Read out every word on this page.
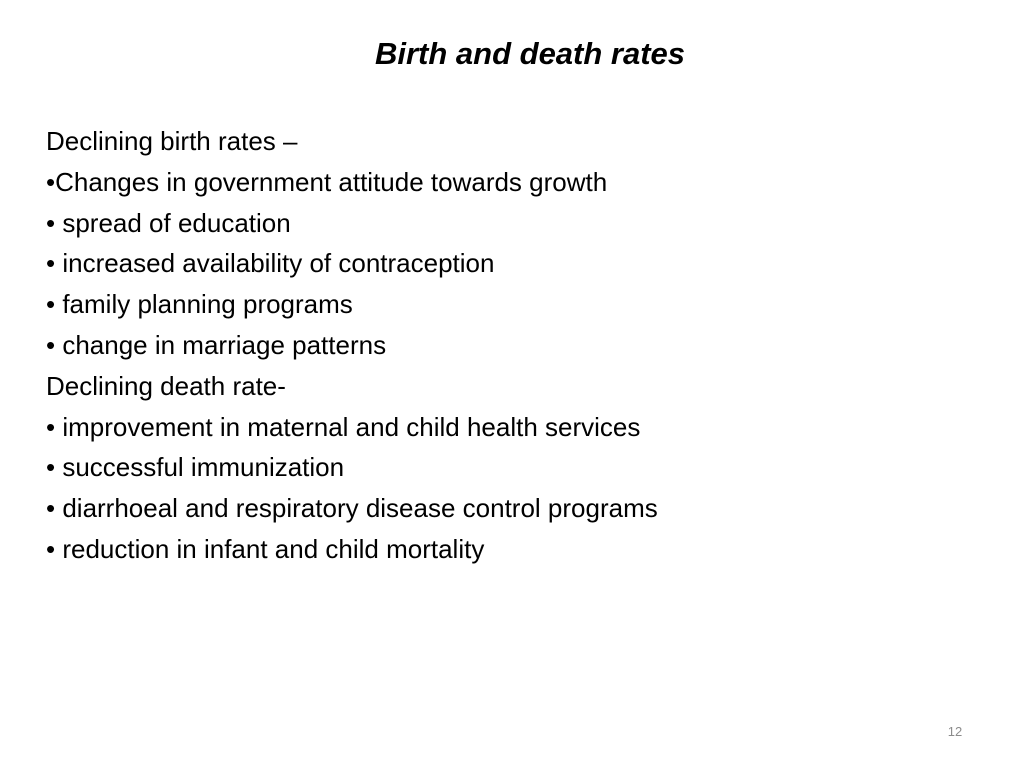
Birth and death rates
Declining birth rates –
•Changes in government attitude towards growth
• spread of education
• increased availability of contraception
• family planning programs
• change in marriage patterns
Declining death rate-
• improvement in maternal and child health services
• successful immunization
• diarrhoeal and respiratory disease control programs
• reduction in infant and child mortality
12
